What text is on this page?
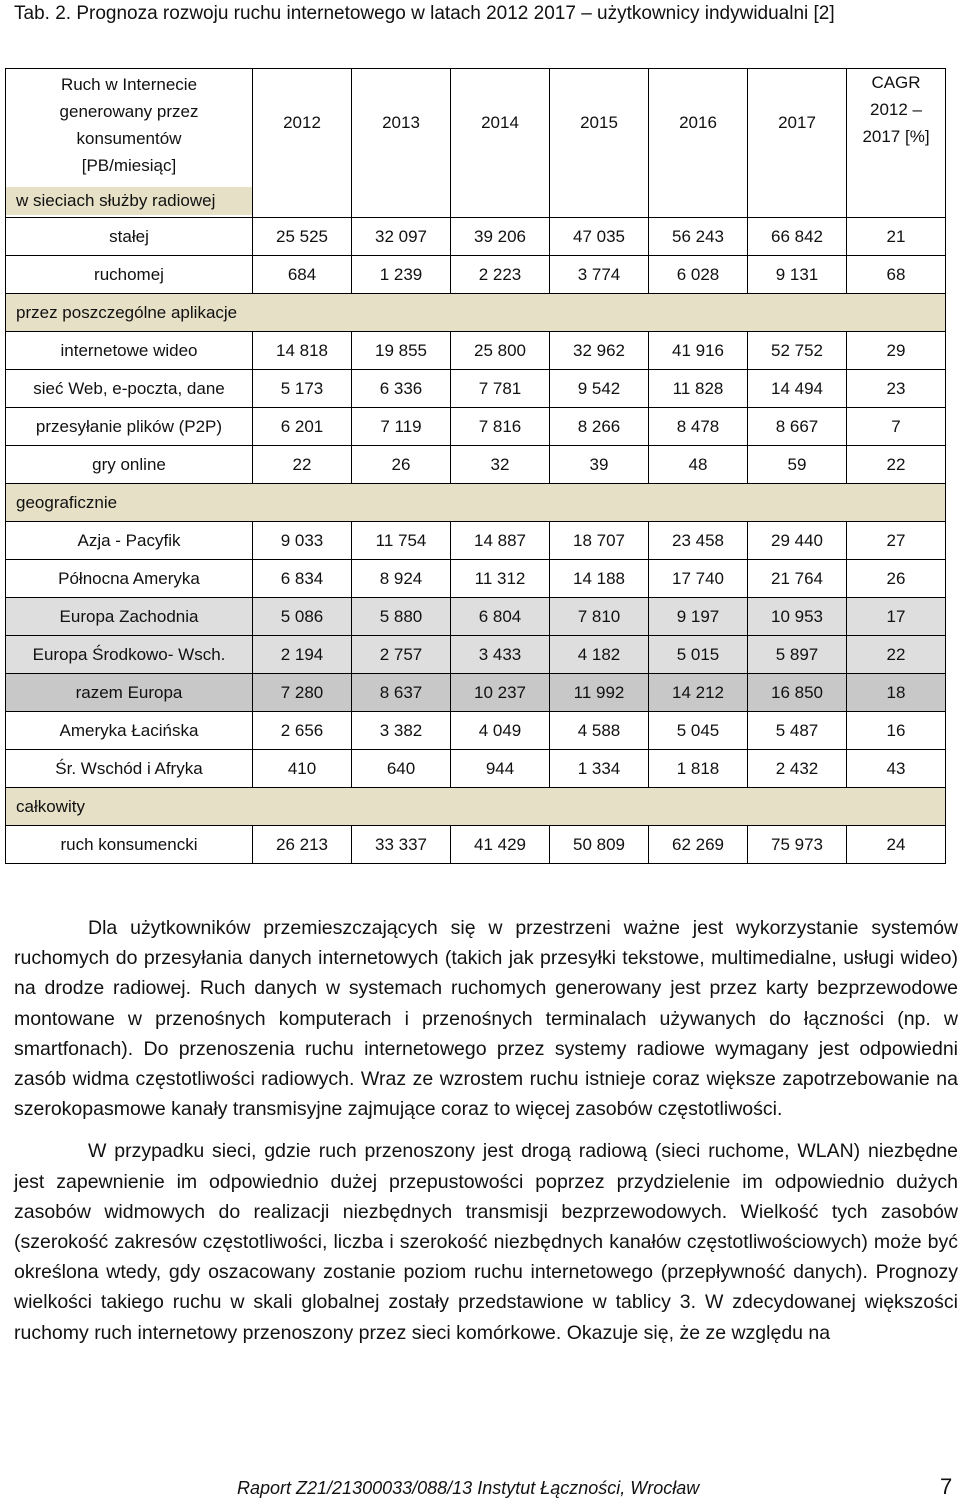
Tab. 2. Prognoza rozwoju ruchu internetowego w latach 2012 2017 – użytkownicy indywidualni [2]
Ruch w Internecie generowany przez konsumentów [PB/miesiąc]
w sieciach służby radiowej	2012	2013	2014	2015	2016	2017	CAGR 2012 – 2017 [%]
stałej	25 525	32 097	39 206	47 035	56 243	66 842	21
ruchomej	684	1 239	2 223	3 774	6 028	9 131	68
przez poszczególne aplikacje							
internetowe wideo	14 818	19 855	25 800	32 962	41 916	52 752	29
sieć Web, e-poczta, dane	5 173	6 336	7 781	9 542	11 828	14 494	23
przesyłanie plików (P2P)	6 201	7 119	7 816	8 266	8 478	8 667	7
gry online	22	26	32	39	48	59	22
geograficznie							
Azja - Pacyfik	9 033	11 754	14 887	18 707	23 458	29 440	27
Północna Ameryka	6 834	8 924	11 312	14 188	17 740	21 764	26
Europa Zachodnia	5 086	5 880	6 804	7 810	9 197	10 953	17
Europa Środkowo- Wsch.	2 194	2 757	3 433	4 182	5 015	5 897	22
razem Europa	7 280	8 637	10 237	11 992	14 212	16 850	18
Ameryka Łacińska	2 656	3 382	4 049	4 588	5 045	5 487	16
Śr. Wschód i Afryka	410	640	944	1 334	1 818	2 432	43
całkowity							
ruch konsumencki	26 213	33 337	41 429	50 809	62 269	75 973	24

Dla użytkowników przemieszczających się w przestrzeni ważne jest wykorzystanie systemów ruchomych do przesyłania danych internetowych (takich jak przesyłki tekstowe, multimedialne, usługi wideo) na drodze radiowej. Ruch danych w systemach ruchomych generowany jest przez karty bezprzewodowe montowane w przenośnych komputerach i przenośnych terminalach używanych do łączności (np. w smartfonach). Do przenoszenia ruchu internetowego przez systemy radiowe wymagany jest odpowiedni zasób widma częstotliwości radiowych. Wraz ze wzrostem ruchu istnieje coraz większe zapotrzebowanie na szerokopasmowe kanały transmisyjne zajmujące coraz to więcej zasobów częstotliwości.

W przypadku sieci, gdzie ruch przenoszony jest drogą radiową (sieci ruchome, WLAN) niezbędne jest zapewnienie im odpowiednio dużej przepustowości poprzez przydzielenie im odpowiednio dużych zasobów widmowych do realizacji niezbędnych transmisji bezprzewodowych. Wielkość tych zasobów (szerokość zakresów częstotliwości, liczba i szerokość niezbędnych kanałów częstotliwościowych) może być określona wtedy, gdy oszacowany zostanie poziom ruchu internetowego (przepływność danych). Prognozy wielkości takiego ruchu w skali globalnej zostały przedstawione w tablicy 3. W zdecydowanej większości ruchomy ruch internetowy przenoszony przez sieci komórkowe. Okazuje się, że ze względu na

Raport Z21/21300033/088/13 Instytut Łączności, Wrocław	7
